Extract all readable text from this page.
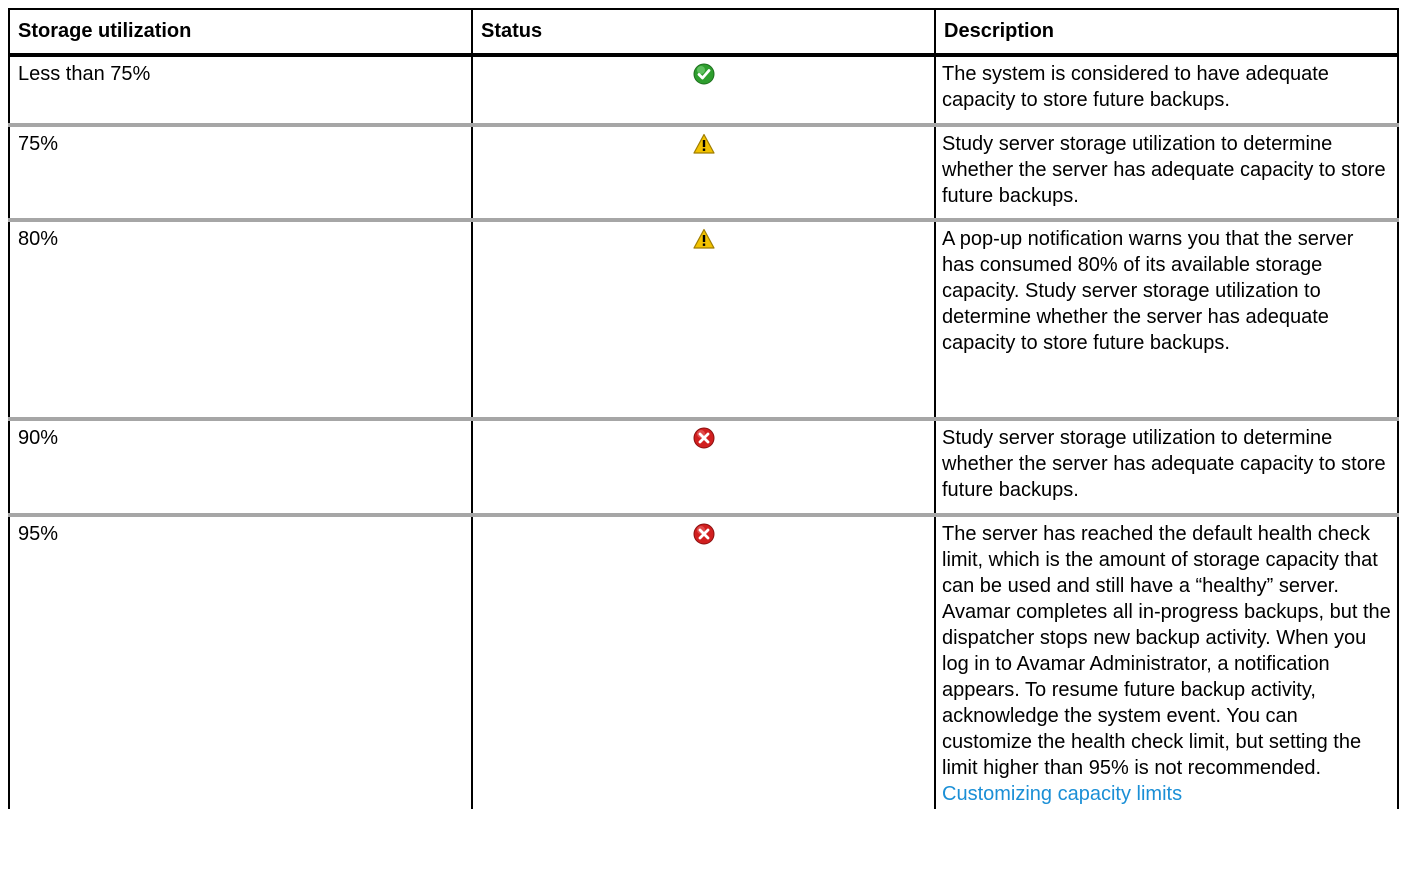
Storage utilization	Status	Description
Less than 75%		The system is considered to have adequate capacity to store future backups.
75%		Study server storage utilization to determine whether the server has adequate capacity to store future backups.
80%		A pop-up notification warns you that the server has consumed 80% of its available storage capacity. Study server storage utilization to determine whether the server has adequate capacity to store future backups.
90%		Study server storage utilization to determine whether the server has adequate capacity to store future backups.
95%		The server has reached the default health check limit, which is the amount of storage capacity that can be used and still have a “healthy” server. Avamar completes all in-progress backups, but the dispatcher stops new backup activity. When you log in to Avamar Administrator, a notification appears. To resume future backup activity, acknowledge the system event. You can customize the health check limit, but setting the limit higher than 95% is not recommended. Customizing capacity limits
